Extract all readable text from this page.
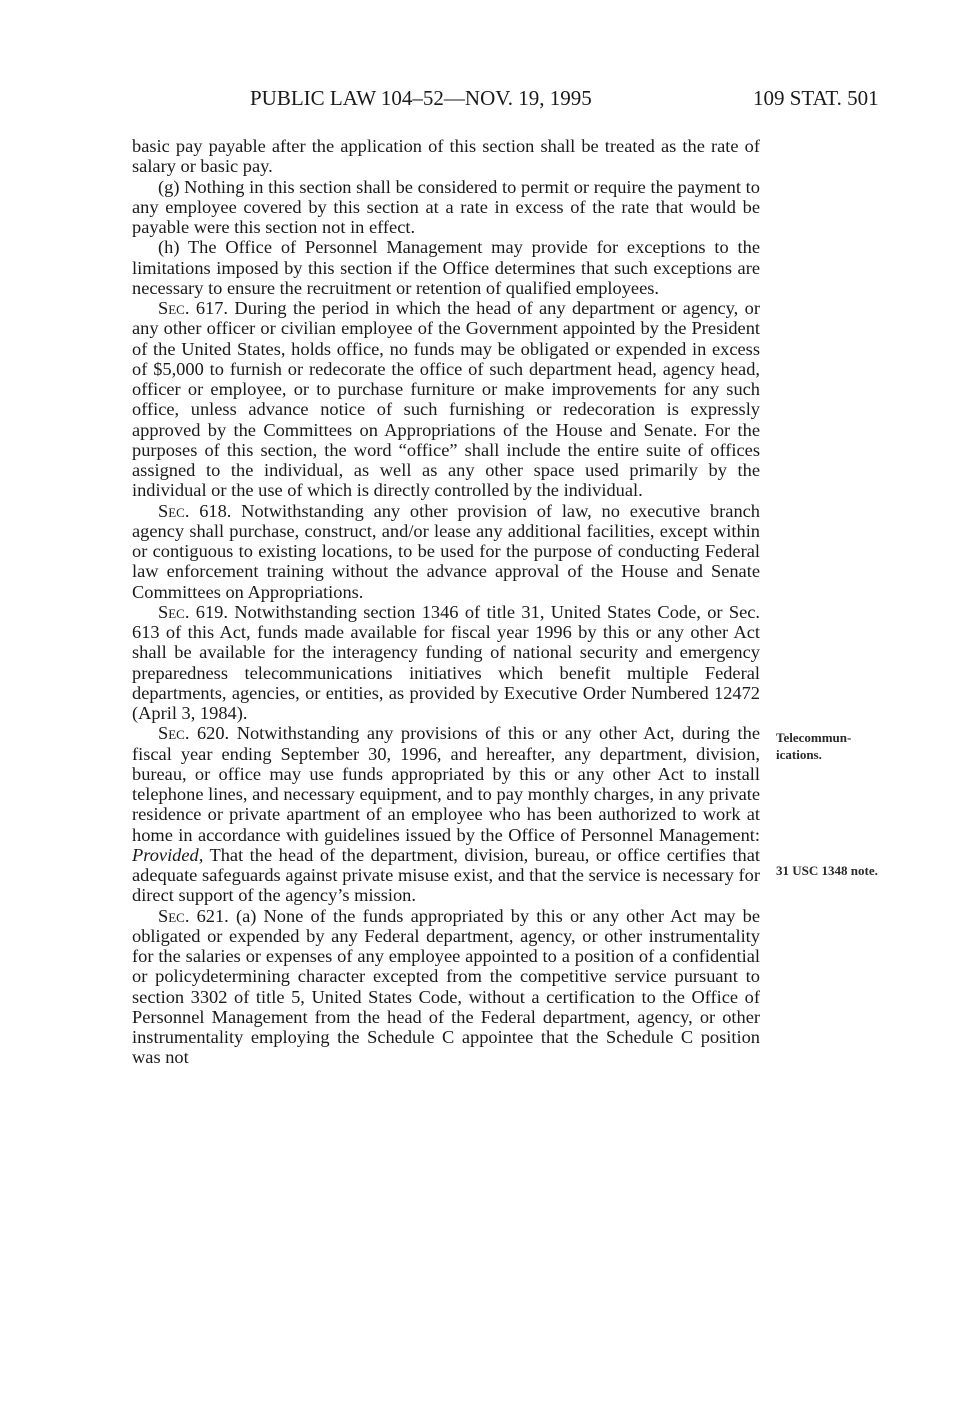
PUBLIC LAW 104–52—NOV. 19, 1995	109 STAT. 501

basic pay payable after the application of this section shall be treated as the rate of salary or basic pay.

(g) Nothing in this section shall be considered to permit or require the payment to any employee covered by this section at a rate in excess of the rate that would be payable were this section not in effect.

(h) The Office of Personnel Management may provide for exceptions to the limitations imposed by this section if the Office determines that such exceptions are necessary to ensure the recruitment or retention of qualified employees.

Sec. 617. During the period in which the head of any department or agency, or any other officer or civilian employee of the Government appointed by the President of the United States, holds office, no funds may be obligated or expended in excess of $5,000 to furnish or redecorate the office of such department head, agency head, officer or employee, or to purchase furniture or make improvements for any such office, unless advance notice of such furnishing or redecoration is expressly approved by the Committees on Appropriations of the House and Senate. For the purposes of this section, the word “office” shall include the entire suite of offices assigned to the individual, as well as any other space used primarily by the individual or the use of which is directly controlled by the individual.

Sec. 618. Notwithstanding any other provision of law, no executive branch agency shall purchase, construct, and/or lease any additional facilities, except within or contiguous to existing locations, to be used for the purpose of conducting Federal law enforcement training without the advance approval of the House and Senate Committees on Appropriations.

Sec. 619. Notwithstanding section 1346 of title 31, United States Code, or Sec. 613 of this Act, funds made available for fiscal year 1996 by this or any other Act shall be available for the interagency funding of national security and emergency preparedness telecommunications initiatives which benefit multiple Federal departments, agencies, or entities, as provided by Executive Order Numbered 12472 (April 3, 1984).

Sec. 620. Notwithstanding any provisions of this or any other Act, during the fiscal year ending September 30, 1996, and hereafter, any department, division, bureau, or office may use funds appropriated by this or any other Act to install telephone lines, and necessary equipment, and to pay monthly charges, in any private residence or private apartment of an employee who has been authorized to work at home in accordance with guidelines issued by the Office of Personnel Management: Provided, That the head of the department, division, bureau, or office certifies that adequate safeguards against private misuse exist, and that the service is necessary for direct support of the agency’s mission.

Sec. 621. (a) None of the funds appropriated by this or any other Act may be obligated or expended by any Federal department, agency, or other instrumentality for the salaries or expenses of any employee appointed to a position of a confidential or policydetermining character excepted from the competitive service pursuant to section 3302 of title 5, United States Code, without a certification to the Office of Personnel Management from the head of the Federal department, agency, or other instrumentality employing the Schedule C appointee that the Schedule C position was not

Telecommunications.
31 USC 1348 note.
